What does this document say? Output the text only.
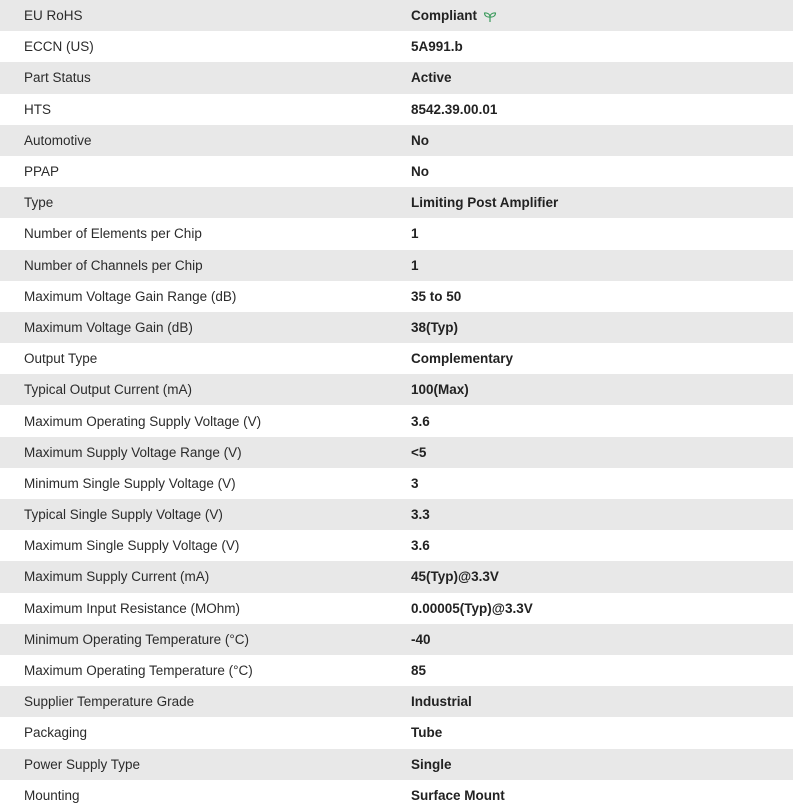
EU RoHS	Compliant
ECCN (US)	5A991.b
Part Status	Active
HTS	8542.39.00.01
Automotive	No
PPAP	No
Type	Limiting Post Amplifier
Number of Elements per Chip	1
Number of Channels per Chip	1
Maximum Voltage Gain Range (dB)	35 to 50
Maximum Voltage Gain (dB)	38(Typ)
Output Type	Complementary
Typical Output Current (mA)	100(Max)
Maximum Operating Supply Voltage (V)	3.6
Maximum Supply Voltage Range (V)	<5
Minimum Single Supply Voltage (V)	3
Typical Single Supply Voltage (V)	3.3
Maximum Single Supply Voltage (V)	3.6
Maximum Supply Current (mA)	45(Typ)@3.3V
Maximum Input Resistance (MOhm)	0.00005(Typ)@3.3V
Minimum Operating Temperature (°C)	-40
Maximum Operating Temperature (°C)	85
Supplier Temperature Grade	Industrial
Packaging	Tube
Power Supply Type	Single
Mounting	Surface Mount
